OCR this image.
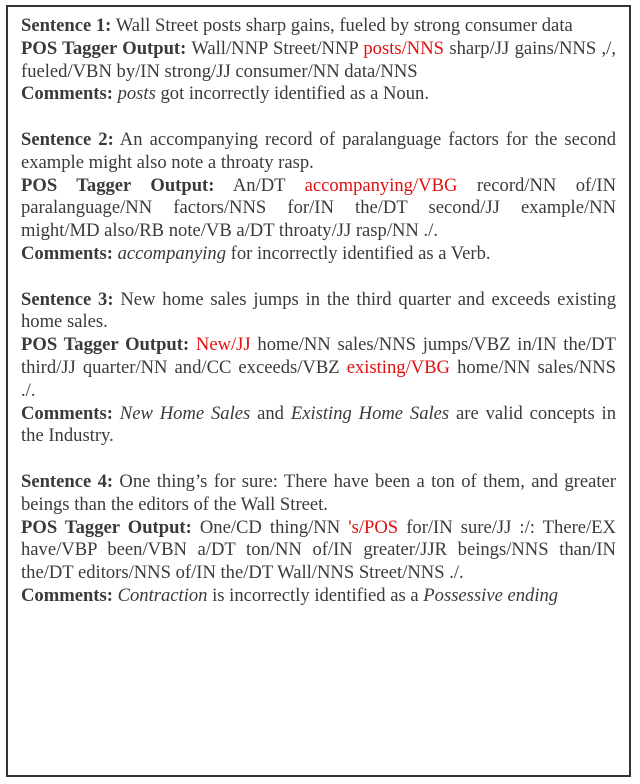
Sentence 1: Wall Street posts sharp gains, fueled by strong consumer data

POS Tagger Output: Wall/NNP Street/NNP posts/NNS sharp/JJ gains/NNS ,/, fueled/VBN by/IN strong/JJ consumer/NN data/NNS

Comments: posts got incorrectly identified as a Noun.

Sentence 2: An accompanying record of paralanguage factors for the second example might also note a throaty rasp.

POS Tagger Output: An/DT accompanying/VBG record/NN of/IN paralanguage/NN factors/NNS for/IN the/DT second/JJ example/NN might/MD also/RB note/VB a/DT throaty/JJ rasp/NN ./.

Comments: accompanying for incorrectly identified as a Verb.

Sentence 3: New home sales jumps in the third quarter and exceeds existing home sales.

POS Tagger Output: New/JJ home/NN sales/NNS jumps/VBZ in/IN the/DT third/JJ quarter/NN and/CC exceeds/VBZ existing/VBG home/NN sales/NNS ./.

Comments: New Home Sales and Existing Home Sales are valid concepts in the Industry.

Sentence 4: One thing’s for sure: There have been a ton of them, and greater beings than the editors of the Wall Street.

POS Tagger Output: One/CD thing/NN 's/POS for/IN sure/JJ :/: There/EX have/VBP been/VBN a/DT ton/NN of/IN greater/JJR beings/NNS than/IN the/DT editors/NNS of/IN the/DT Wall/NNS Street/NNS ./.

Comments: Contraction is incorrectly identified as a Possessive ending
